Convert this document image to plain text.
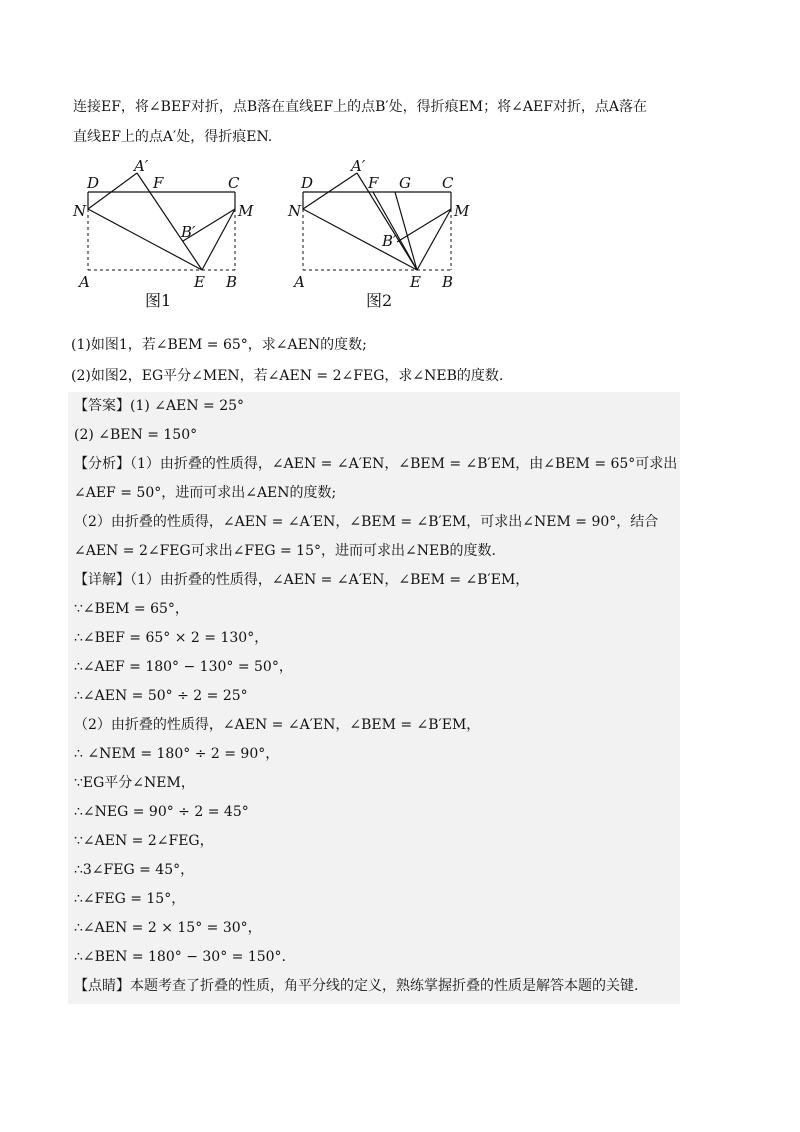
连接EF，将∠BEF对折，点B落在直线EF上的点B′处，得折痕EM；将∠AEF对折，点A落在
直线EF上的点A′处，得折痕EN.
D
A′
F	C
N	M
B′
A	E B
图1
D
A′
F G C
N	M
B′
A	E B
图2
(1)如图1，若∠BEM = 65°，求∠AEN的度数;
(2)如图2，EG平分∠MEN，若∠AEN = 2∠FEG，求∠NEB的度数.
【答案】(1) ∠AEN = 25°
(2) ∠BEN = 150°
【分析】（1）由折叠的性质得，∠AEN = ∠A′EN，∠BEM = ∠B′EM，由∠BEM = 65°可求出
∠AEF = 50°，进而可求出∠AEN的度数;
（2）由折叠的性质得，∠AEN = ∠A′EN，∠BEM = ∠B′EM，可求出∠NEM = 90°，结合
∠AEN = 2∠FEG可求出∠FEG = 15°，进而可求出∠NEB的度数.
【详解】（1）由折叠的性质得，∠AEN = ∠A′EN，∠BEM = ∠B′EM，
∵∠BEM = 65°，
∴∠BEF = 65° × 2 = 130°，
∴∠AEF = 180° − 130° = 50°，
∴∠AEN = 50° ÷ 2 = 25°
（2）由折叠的性质得，∠AEN = ∠A′EN，∠BEM = ∠B′EM，
∴ ∠NEM = 180° ÷ 2 = 90°，
∵EG平分∠NEM，
∴∠NEG = 90° ÷ 2 = 45°
∵∠AEN = 2∠FEG，
∴3∠FEG = 45°，
∴∠FEG = 15°，
∴∠AEN = 2 × 15° = 30°，
∴∠BEN = 180° − 30° = 150°.
【点睛】本题考查了折叠的性质，角平分线的定义，熟练掌握折叠的性质是解答本题的关键.
